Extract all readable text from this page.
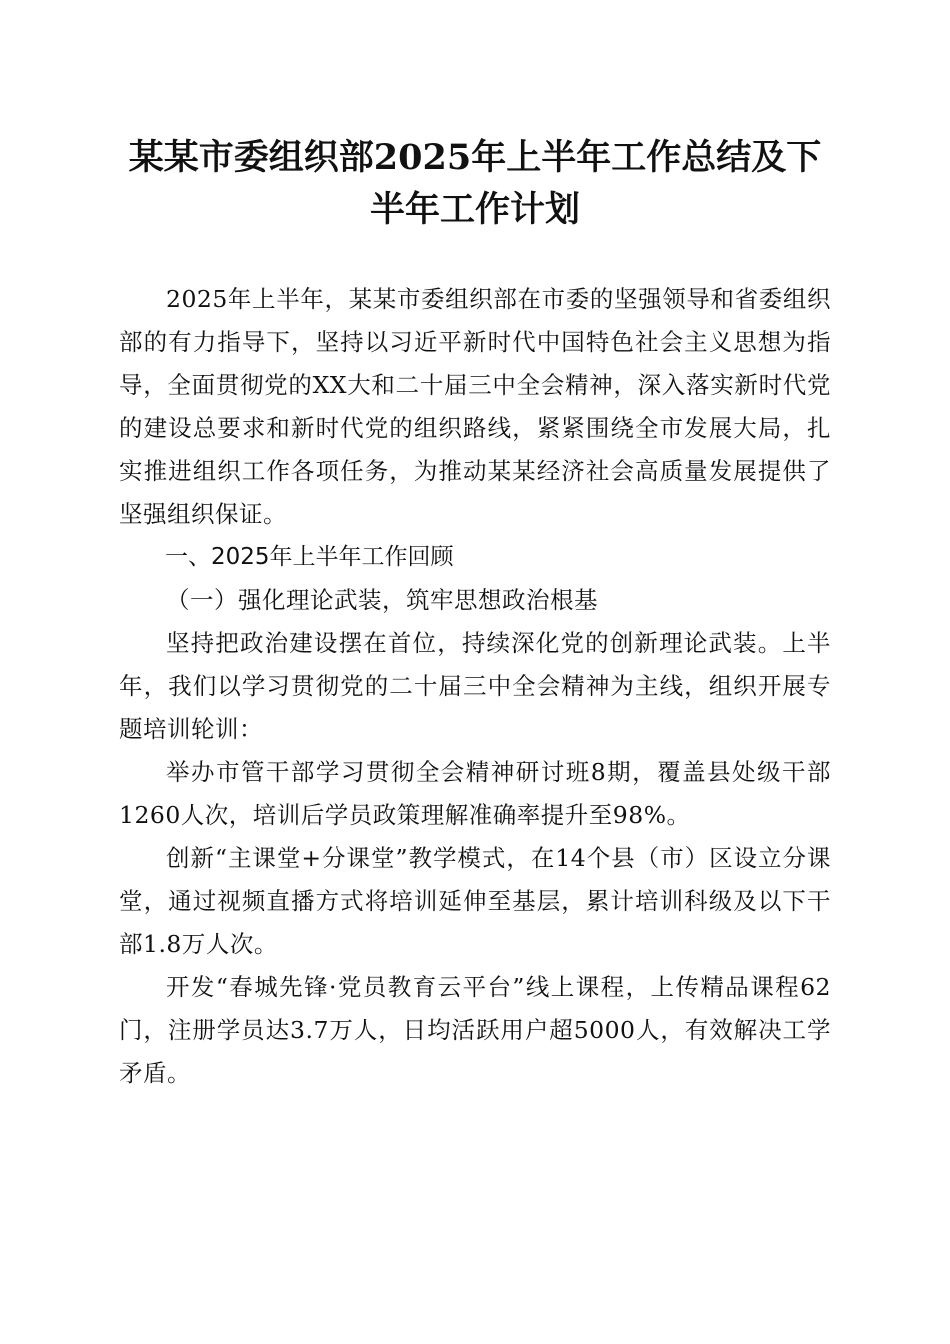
某某市委组织部2025年上半年工作总结及下
半年工作计划

2025年上半年，某某市委组织部在市委的坚强领导和省委组织部的有力指导下，坚持以习近平新时代中国特色社会主义思想为指导，全面贯彻党的XX大和二十届三中全会精神，深入落实新时代党的建设总要求和新时代党的组织路线，紧紧围绕全市发展大局，扎实推进组织工作各项任务，为推动某某经济社会高质量发展提供了坚强组织保证。

一、2025年上半年工作回顾

（一）强化理论武装，筑牢思想政治根基

坚持把政治建设摆在首位，持续深化党的创新理论武装。上半年，我们以学习贯彻党的二十届三中全会精神为主线，组织开展专题培训轮训：

举办市管干部学习贯彻全会精神研讨班8期，覆盖县处级干部1260人次，培训后学员政策理解准确率提升至98%。

创新“主课堂+分课堂”教学模式，在14个县（市）区设立分课堂，通过视频直播方式将培训延伸至基层，累计培训科级及以下干部1.8万人次。

开发“春城先锋·党员教育云平台”线上课程，上传精品课程62门，注册学员达3.7万人，日均活跃用户超5000人，有效解决工学矛盾。
